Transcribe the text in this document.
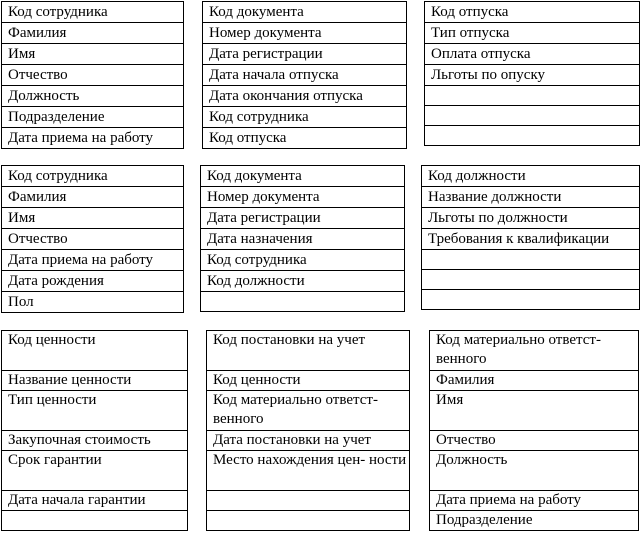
Код сотрудника
Фамилия
Имя
Отчество
Должность
Подразделение
Дата приема на работу
Код документа
Номер документа
Дата регистрации
Дата начала отпуска
Дата окончания отпуска
Код сотрудника
Код отпуска
Код отпуска
Тип отпуска
Оплата отпуска
Льготы по опуску

Код сотрудника
Фамилия
Имя
Отчество
Дата приема на работу
Дата рождения
Пол
Код документа
Номер документа
Дата регистрации
Дата назначения
Код сотрудника
Код должности

Код должности
Название должности
Льготы по должности
Требования к квалификации

Код ценности
Название ценности
Тип ценности
Закупочная стоимость
Срок гарантии
Дата начала гарантии

Код постановки на учет
Код ценности
Код материально ответст- венного
Дата постановки на учет
Место нахождения цен- ности

Код материально ответст- венного
Фамилия
Имя
Отчество
Должность
Дата приема на работу
Подразделение
